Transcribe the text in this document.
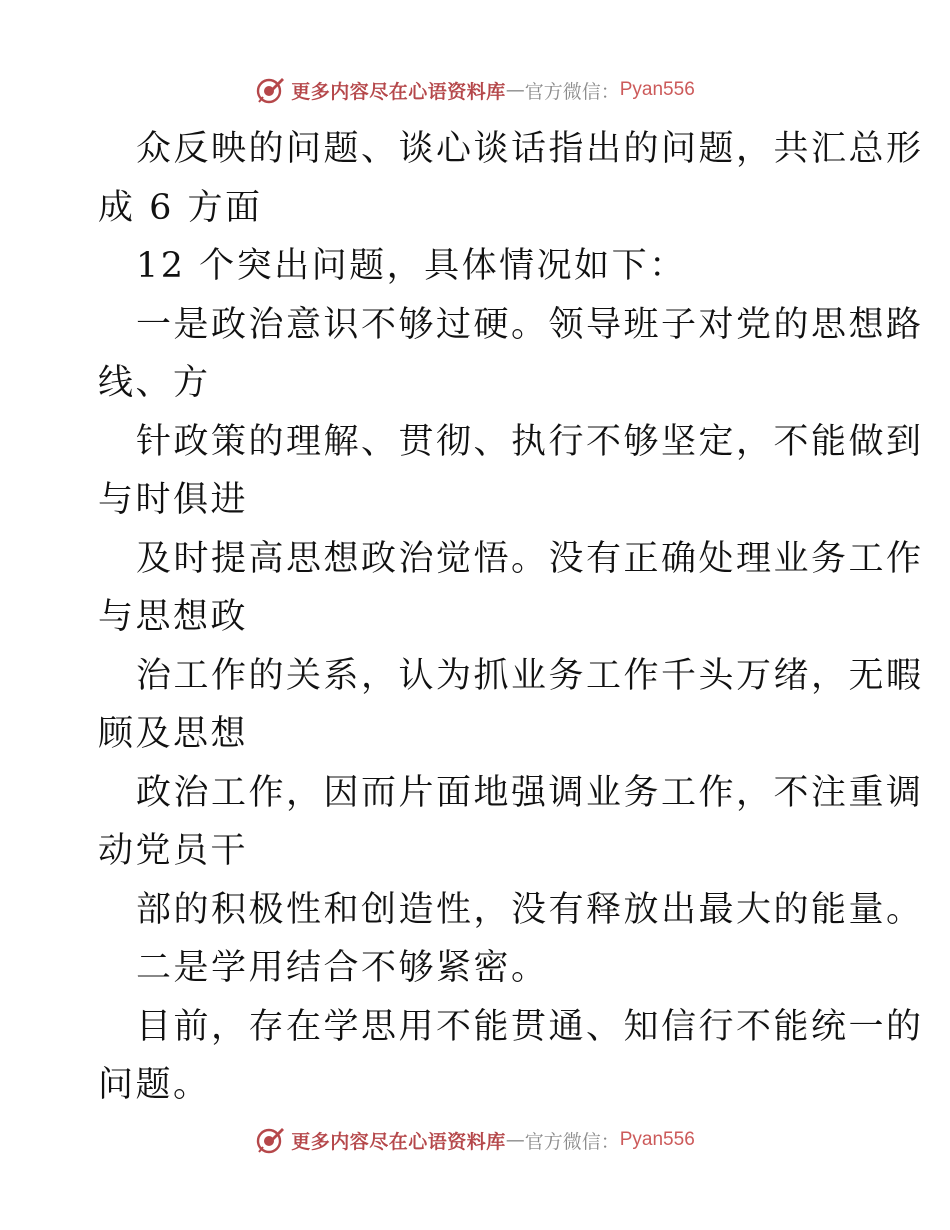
更多内容尽在心语资料库 — 官方微信： Pyan556
众反映的问题、谈心谈话指出的问题，共汇总形
成 6 方面
12 个突出问题，具体情况如下：
一是政治意识不够过硬。领导班子对党的思想路
线、方
针政策的理解、贯彻、执行不够坚定，不能做到
与时俱进
及时提高思想政治觉悟。没有正确处理业务工作
与思想政
治工作的关系，认为抓业务工作千头万绪，无暇
顾及思想
政治工作，因而片面地强调业务工作，不注重调
动党员干
部的积极性和创造性，没有释放出最大的能量。
二是学用结合不够紧密。
目前，存在学思用不能贯通、知信行不能统一的
问题。
更多内容尽在心语资料库 — 官方微信： Pyan556
